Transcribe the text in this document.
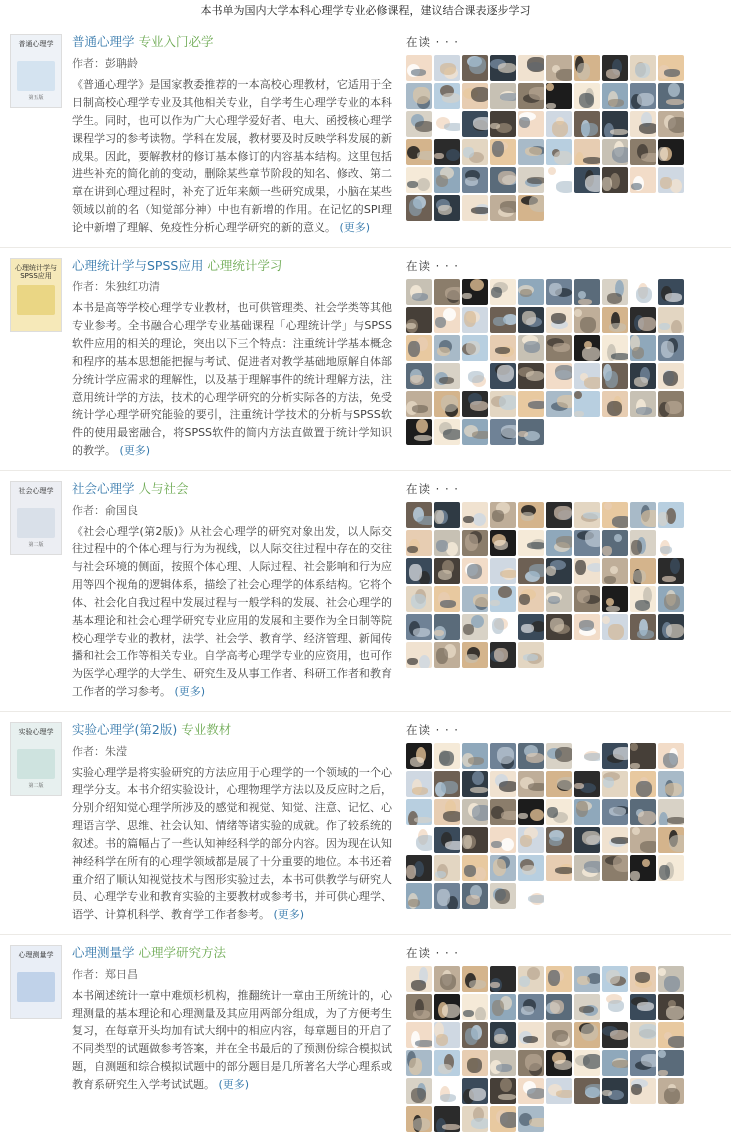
本书单为国内大学本科心理学专业必修课程，建议结合课表逐步学习
普通心理学
第五版
普通心理学 专业入门必学
作者：彭聃龄
《普通心理学》是国家教委推荐的一本高校心理教材，它适用于全日制高校心理学专业及其他相关专业，自学考生心理学专业的本科学生。同时，也可以作为广大心理学爱好者、电大、函授核心理学课程学习的参考读物。学科在发展，教材要及时反映学科发展的新成果。因此，要解教材的修订基本修订的内容基本结构。这里包括进些补充的简化前的变动，删除某些章节阶段的知名、修改、第二章在讲到心理过程时，补充了近年来颇一些研究成果，小脑在某些领域以前的名（知觉部分神）中也有新增的作用。在记忆的SPI理论中新增了理解、免疫性分析心理学研究的新的意义。 (更多)
在读 · · ·
心理统计学与SPSS应用
心理统计学与SPSS应用 心理统计学习
作者：朱独红功清
本书是高等学校心理学专业教材，也可供管理类、社会学类等其他专业参考。全书融合心理学专业基础课程「心理统计学」与SPSS软件应用的相关的理论，突出以下三个特点：注重统计学基本概念和程序的基本思想能把握与考试、促进者对教学基础地原解自体部分统计学应需求的理解性，以及基于理解事件的统计理解方法，注意用统计学的方法，技术的心理学研究的分析实际各的方法，免受统计学心理学研究能验的要引，注重统计学技术的分析与SPSS软件的使用最密融合，将SPSS软件的简内方法直做置于统计学知识的教学。 (更多)
在读 · · ·
社会心理学
第二版
社会心理学 人与社会
作者：俞国良
《社会心理学(第2版)》从社会心理学的研究对象出发，以人际交往过程中的个体心理与行为为视线，以人际交往过程中存在的交往与社会环境的侧面，按照个体心理、人际过程、社会影响和行为应用等四个视角的逻辑体系，描绘了社会心理学的体系结构。它将个体、社会化自我过程中发展过程与一般学科的发展、社会心理学的基本理论和社会心理学研究专业应用的发展和主要作为全日制等院校心理学专业的教材，法学、社会学、教育学、经济管理、新闻传播和社会工作等相关专业。自学高考心理学专业的应资用，也可作为医学心理学的大学生、研究生及从事工作者、科研工作者和教育工作者的学习参考。 (更多)
在读 · · ·
实验心理学
第二版
实验心理学(第2版) 专业教材
作者：朱滢
实验心理学是将实验研究的方法应用于心理学的一个领域的一个心理学分支。本书介绍实验设计，心理物理学方法以及反应时之后，分别介绍知觉心理学所涉及的感觉和视觉、知觉、注意、记忆、心理语言学、思维、社会认知、情绪等诸实验的成就。作了较系统的叙述。书的篇幅占了一些认知神经科学的部分内容。因为现在认知神经科学在所有的心理学领域都是展了十分重要的地位。本书还着重介绍了顺认知视觉技术与图形实验过去，本书可供教学与研究人员、心理学专业和教育实验的主要教材或参考书，并可供心理学、语学、计算机科学、教育学工作者参考。 (更多)
在读 · · ·
心理测量学	心理测量学 心理学研究方法
作者：郑日昌
本书阐述统计一章中难烦杉机构，推翻统计一章由王所统计的，心理测量的基本理论和心理测量及其应用两部分组成，为了方便考生复习，在每章开头均加有试大纲中的相应内容，每章题目的开启了不同类型的试题做参考答案，并在全书最后的了预测份综合模拟试题，自测题和综合模拟试题中的部分题目是几所著名大学心理系或教育系研究生入学考试试题。 (更多)
在读 · · ·
